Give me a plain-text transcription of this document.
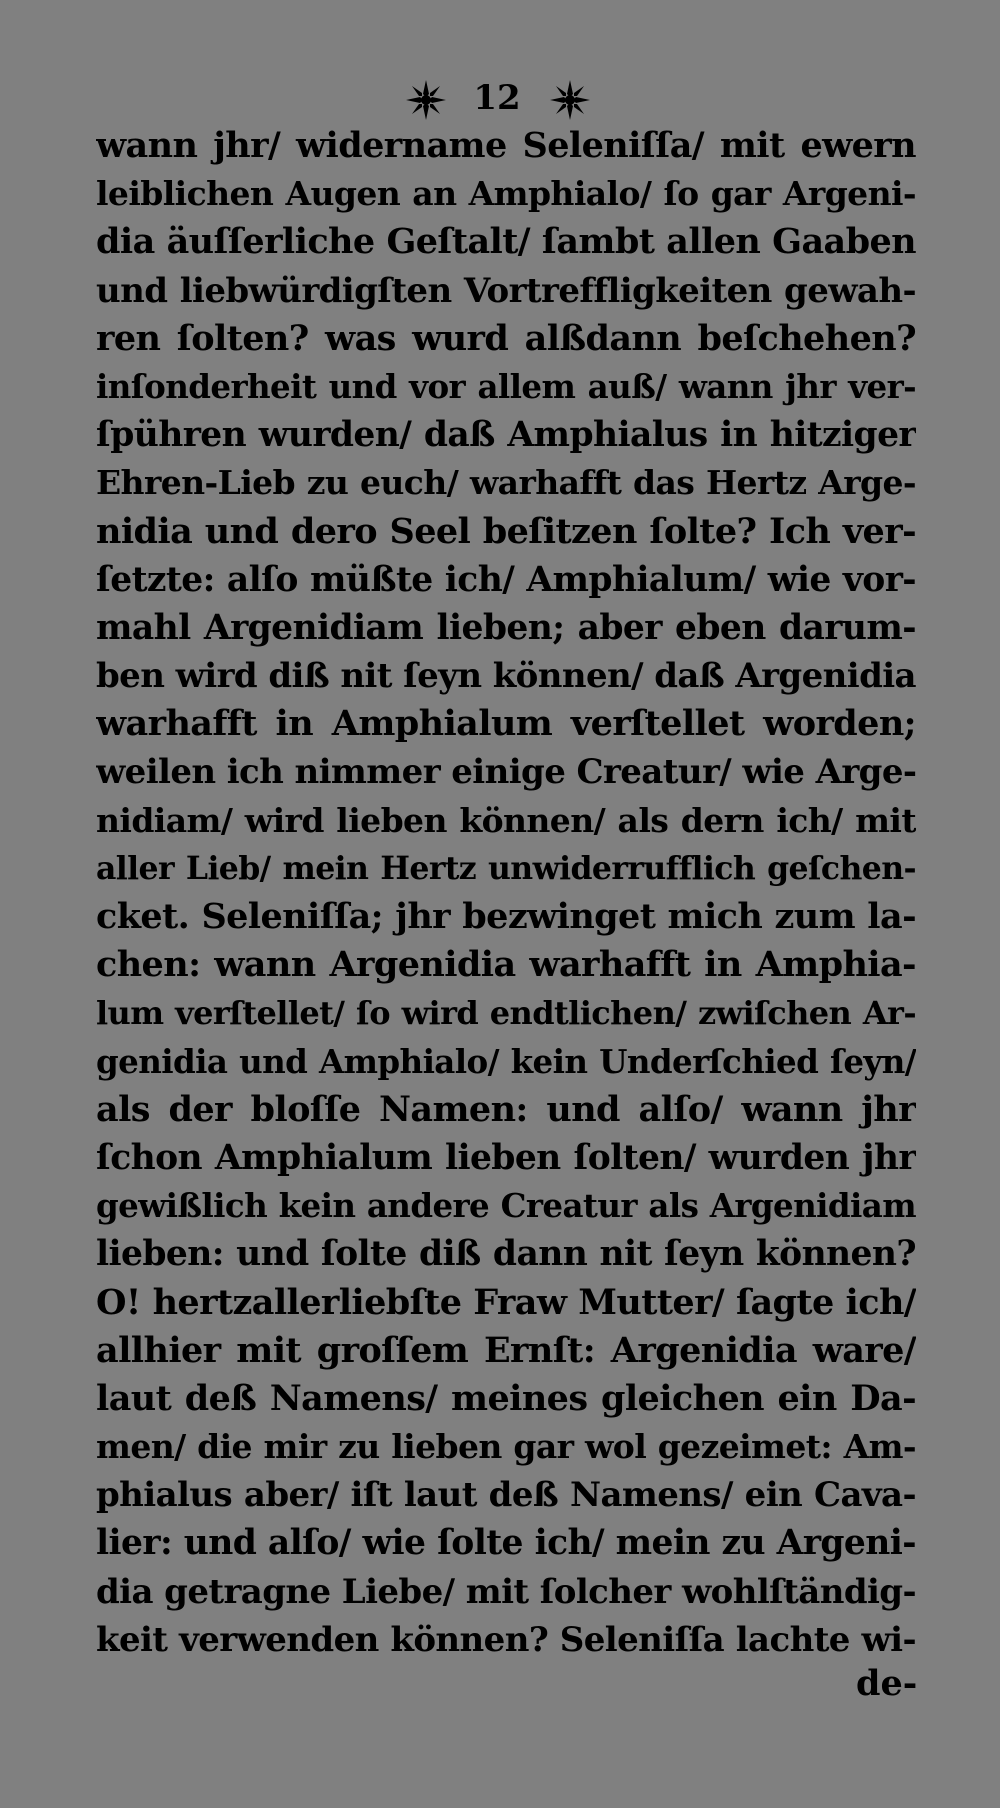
12
wann jhr/ widername Seleniſſa/ mit ewern
leiblichen Augen an Amphialo/ ſo gar Argeni-
dia äuſſerliche Geſtalt/ ſambt allen Gaaben
und liebwürdigſten Vortreffligkeiten gewah-
ren ſolten? was wurd alßdann beſchehen?
inſonderheit und vor allem auß/ wann jhr ver-
ſpühren wurden/ daß Amphialus in hitziger
Ehren-Lieb zu euch/ warhafft das Hertz Arge-
nidia und dero Seel beſitzen ſolte? Ich ver-
ſetzte: alſo müßte ich/ Amphialum/ wie vor-
mahl Argenidiam lieben; aber eben darum-
ben wird diß nit ſeyn können/ daß Argenidia
warhafft in Amphialum verſtellet worden;
weilen ich nimmer einige Creatur/ wie Arge-
nidiam/ wird lieben können/ als dern ich/ mit
aller Lieb/ mein Hertz unwiderrufflich geſchen-
cket. Seleniſſa; jhr bezwinget mich zum la-
chen: wann Argenidia warhafft in Amphia-
lum verſtellet/ ſo wird endtlichen/ zwiſchen Ar-
genidia und Amphialo/ kein Underſchied ſeyn/
als der bloſſe Namen: und alſo/ wann jhr
ſchon Amphialum lieben ſolten/ wurden jhr
gewißlich kein andere Creatur als Argenidiam
lieben: und ſolte diß dann nit ſeyn können?
O! hertzallerliebſte Fraw Mutter/ ſagte ich/
allhier mit groſſem Ernſt: Argenidia ware/
laut deß Namens/ meines gleichen ein Da-
men/ die mir zu lieben gar wol gezeimet: Am-
phialus aber/ iſt laut deß Namens/ ein Cava-
lier: und alſo/ wie ſolte ich/ mein zu Argeni-
dia getragne Liebe/ mit ſolcher wohlſtändig-
keit verwenden können? Seleniſſa lachte wi-
de-
